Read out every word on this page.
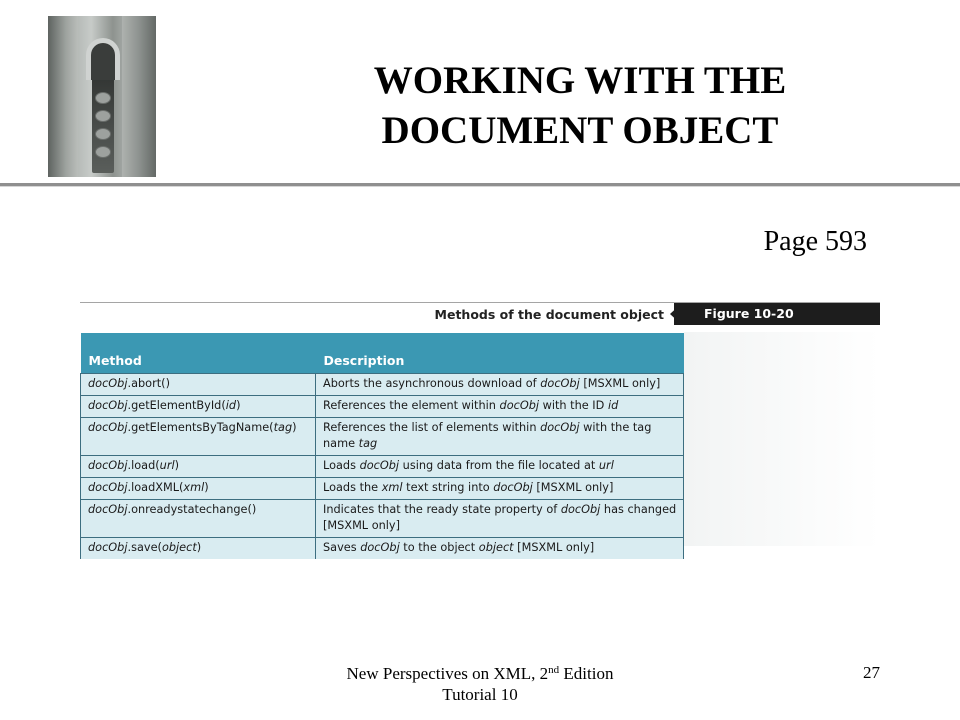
WORKING WITH THE
DOCUMENT OBJECT
Page 593
Methods of the document object	Figure 10-20
Method	Description
docObj.abort()	Aborts the asynchronous download of docObj [MSXML only]
docObj.getElementById(id)	References the element within docObj with the ID id
docObj.getElementsByTagName(tag)	References the list of elements within docObj with the tag name tag
docObj.load(url)	Loads docObj using data from the file located at url
docObj.loadXML(xml)	Loads the xml text string into docObj [MSXML only]
docObj.onreadystatechange()	Indicates that the ready state property of docObj has changed [MSXML only]
docObj.save(object)	Saves docObj to the object object [MSXML only]
New Perspectives on XML, 2nd Edition
Tutorial 10
27
